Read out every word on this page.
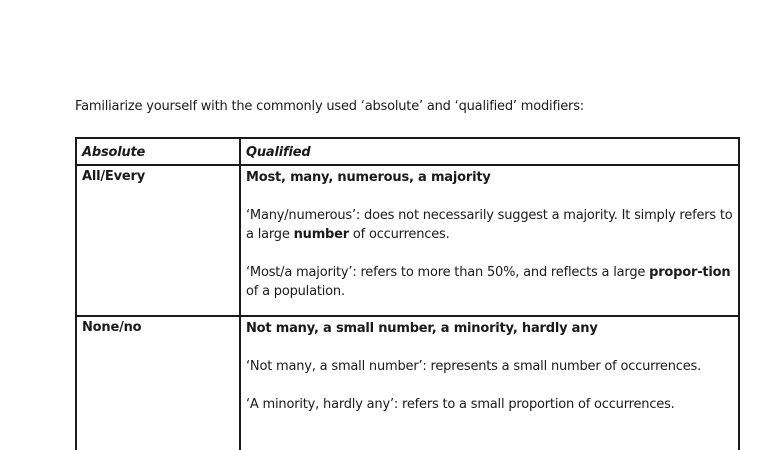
Familiarize yourself with the commonly used ‘absolute’ and ‘qualified’ modifiers:
Absolute	Qualified
All/Every	Most, many, numerous, a majority
‘Many/numerous’: does not necessarily suggest a majority. It simply refers to a large number of occurrences.
‘Most/a majority’: refers to more than 50%, and reflects a large propor-tion of a population.

None/no	Not many, a small number, a minority, hardly any
‘Not many, a small number’: represents a small number of occurrences.
‘A minority, hardly any’: refers to a small proportion of occurrences.
